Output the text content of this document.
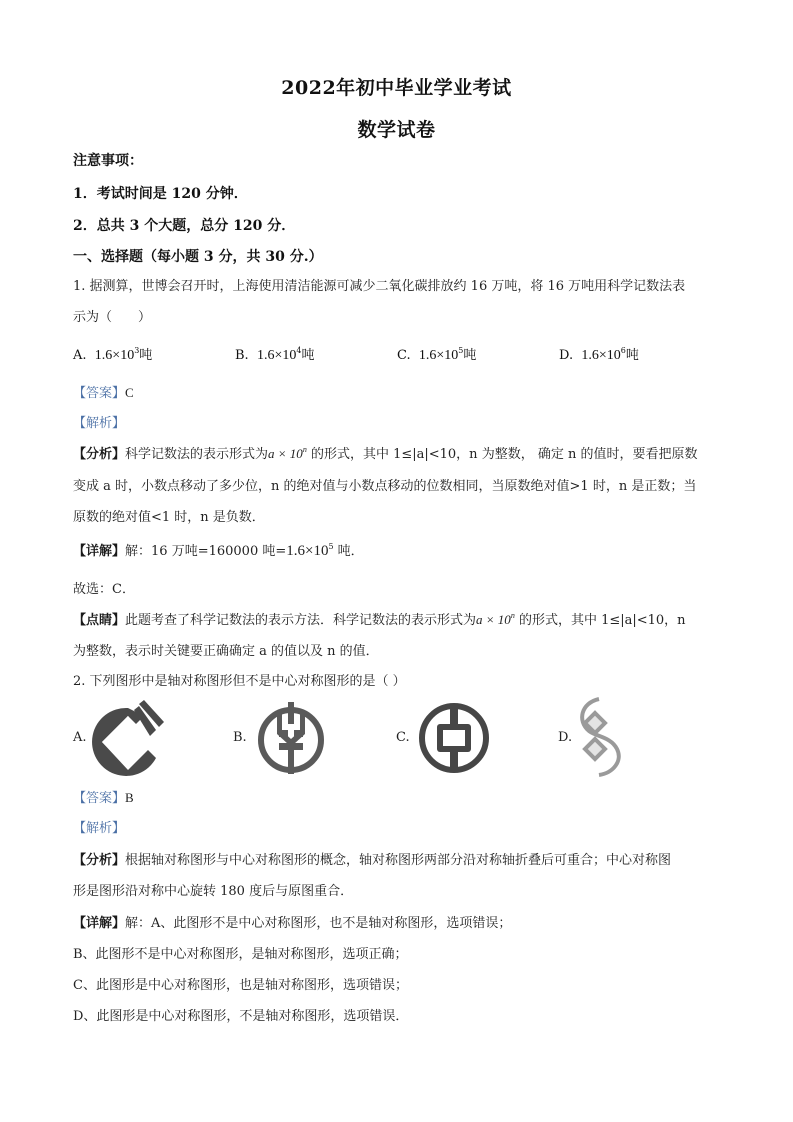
2022年初中毕业学业考试
数学试卷
注意事项：
1．考试时间是 120 分钟．
2．总共 3 个大题，总分 120 分．
一、选择题（每小题 3 分，共 30 分.）
1. 据测算，世博会召开时，上海使用清洁能源可减少二氧化碳排放约 16 万吨，将 16 万吨用科学记数法表
示为（　　）
A. $1.6\times 10^3$吨	B. $1.6\times 10^4$吨	C. $1.6\times 10^5$吨	D. $1.6\times 10^6$吨
【答案】C
【解析】
【分析】科学记数法的表示形式为$a \times 10^n$ 的形式，其中 1≤|a|<10，n 为整数， 确定 n 的值时，要看把原数
变成 a 时，小数点移动了多少位，n 的绝对值与小数点移动的位数相同，当原数绝对值>1 时，n 是正数；当
原数的绝对值<1 时，n 是负数．
【详解】解：16 万吨=160000 吨$=1.6\times 10^5$ 吨．
故选：C．
【点睛】此题考查了科学记数法的表示方法．科学记数法的表示形式为$a \times 10^n$ 的形式，其中 1≤|a|<10，n
为整数，表示时关键要正确确定 a 的值以及 n 的值．
2. 下列图形中是轴对称图形但不是中心对称图形的是（ ）
A.	B.	C.	D.
【答案】B
【解析】
【分析】根据轴对称图形与中心对称图形的概念，轴对称图形两部分沿对称轴折叠后可重合；中心对称图
形是图形沿对称中心旋转 180 度后与原图重合．
【详解】解：A、此图形不是中心对称图形，也不是轴对称图形，选项错误；
B、此图形不是中心对称图形，是轴对称图形，选项正确；
C、此图形是中心对称图形，也是轴对称图形，选项错误；
D、此图形是中心对称图形，不是轴对称图形，选项错误．
